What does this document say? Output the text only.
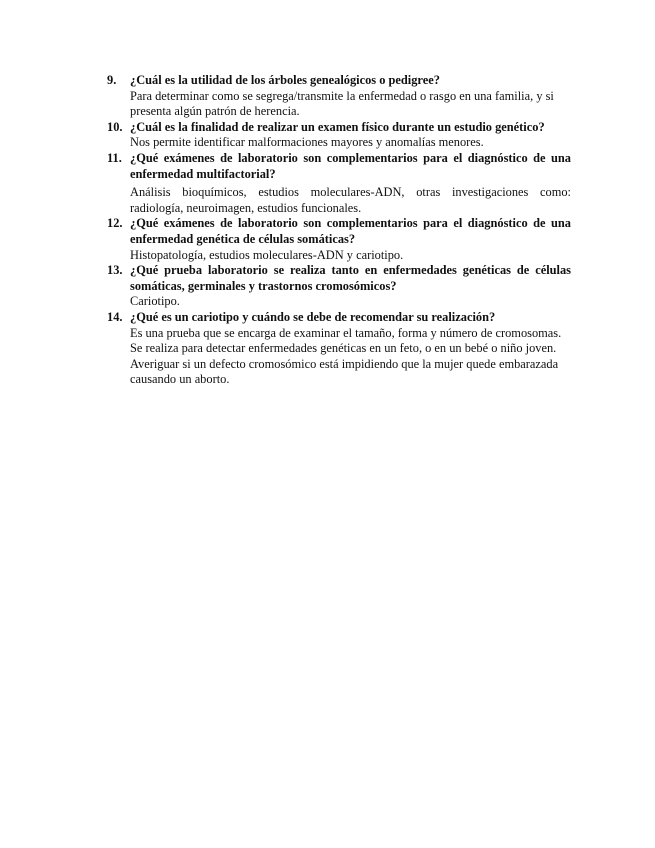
9. ¿Cuál es la utilidad de los árboles genealógicos o pedigree?

Para determinar como se segrega/transmite la enfermedad o rasgo en una familia, y si presenta algún patrón de herencia.

10. ¿Cuál es la finalidad de realizar un examen físico durante un estudio genético?

Nos permite identificar malformaciones mayores y anomalías menores.

11. ¿Qué exámenes de laboratorio son complementarios para el diagnóstico de una enfermedad multifactorial?

Análisis bioquímicos, estudios moleculares-ADN, otras investigaciones como: radiología, neuroimagen, estudios funcionales.

12. ¿Qué exámenes de laboratorio son complementarios para el diagnóstico de una enfermedad genética de células somáticas?

Histopatología, estudios moleculares-ADN y cariotipo.

13. ¿Qué prueba laboratorio se realiza tanto en enfermedades genéticas de células somáticas, germinales y trastornos cromosómicos?

Cariotipo.

14. ¿Qué es un cariotipo y cuándo se debe de recomendar su realización?

Es una prueba que se encarga de examinar el tamaño, forma y número de cromosomas. Se realiza para detectar enfermedades genéticas en un feto, o en un bebé o niño joven. Averiguar si un defecto cromosómico está impidiendo que la mujer quede embarazada causando un aborto.
